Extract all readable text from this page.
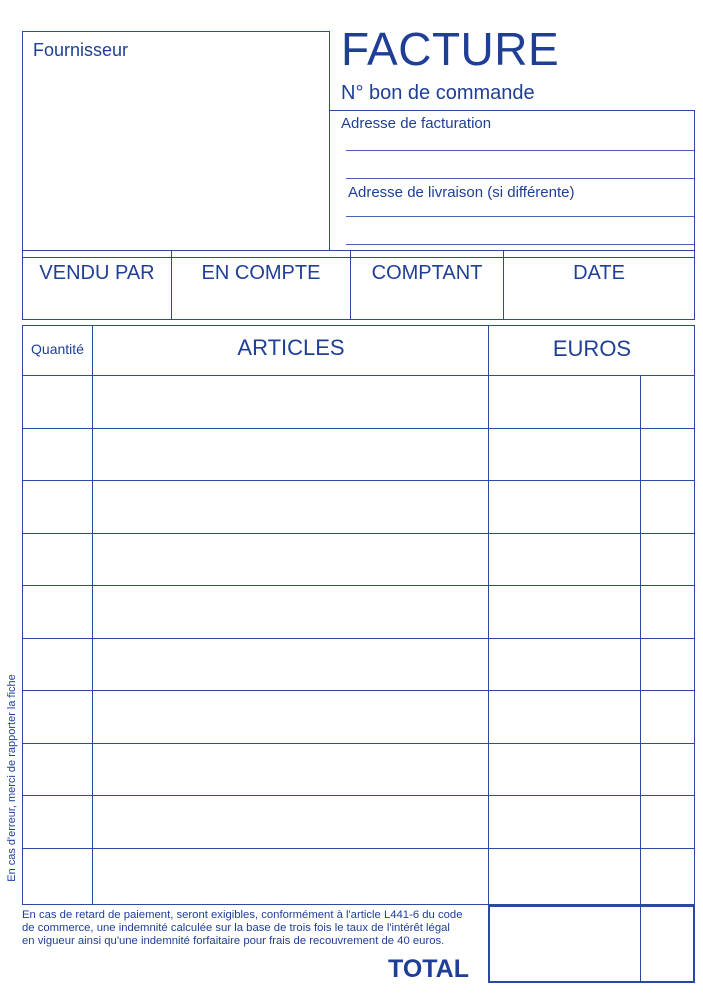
Fournisseur	FACTURE
N° bon de commande
Adresse de facturation
Adresse de livraison (si différente)
VENDU PAR	EN COMPTE	COMPTANT	DATE
Quantité	ARTICLES	EUROS
En cas d'erreur, merci de rapporter la fiche
En cas de retard de paiement, seront exigibles, conformément à l'article L441-6 du code
de commerce, une indemnité calculée sur la base de trois fois le taux de l'intérêt légal
en vigueur ainsi qu'une indemnité forfaitaire pour frais de recouvrement de 40 euros.
TOTAL
